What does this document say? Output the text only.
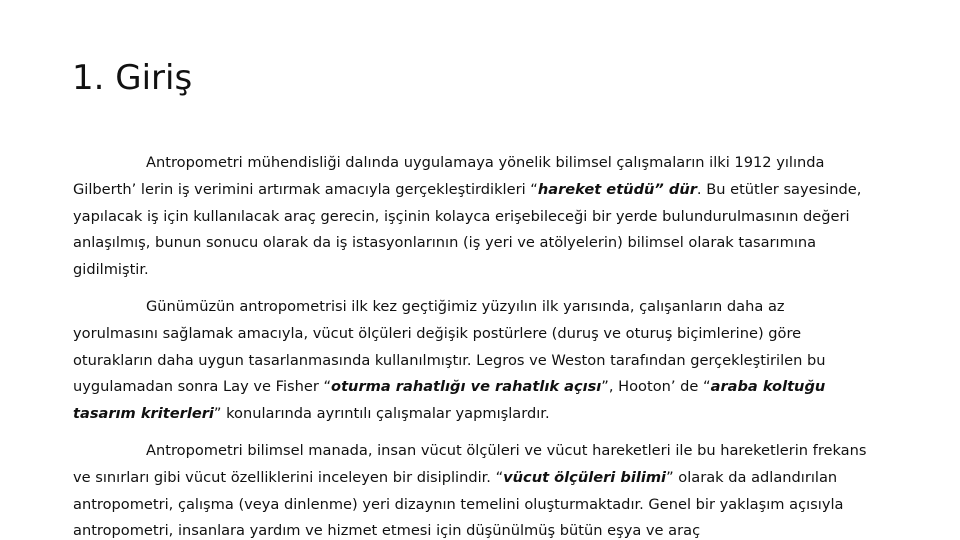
1. Giriş

Antropometri mühendisliği dalında uygulamaya yönelik bilimsel çalışmaların ilki 1912 yılında Gilberth’ lerin iş verimini artırmak amacıyla gerçekleştirdikleri “hareket etüdü” dür. Bu etütler sayesinde, yapılacak iş için kullanılacak araç gerecin, işçinin kolayca erişebileceği bir yerde bulundurulmasının değeri anlaşılmış, bunun sonucu olarak da iş istasyonlarının (iş yeri ve atölyelerin) bilimsel olarak tasarımına gidilmiştir.

Günümüzün antropometrisi ilk kez geçtiğimiz yüzyılın ilk yarısında, çalışanların daha az yorulmasını sağlamak amacıyla, vücut ölçüleri değişik postürlere (duruş ve oturuş biçimlerine) göre oturakların daha uygun tasarlanmasında kullanılmıştır. Legros ve Weston tarafından gerçekleştirilen bu uygulamadan sonra Lay ve Fisher “oturma rahatlığı ve rahatlık açısı”, Hooton’ de “araba koltuğu tasarım kriterleri” konularında ayrıntılı çalışmalar yapmışlardır.

Antropometri bilimsel manada, insan vücut ölçüleri ve vücut hareketleri ile bu hareketlerin frekans ve sınırları gibi vücut özelliklerini inceleyen bir disiplindir. “vücut ölçüleri bilimi” olarak da adlandırılan antropometri, çalışma (veya dinlenme) yeri dizaynın temelini oluşturmaktadır. Genel bir yaklaşım açısıyla antropometri, insanlara yardım ve hizmet etmesi için düşünülmüş bütün eşya ve araç
